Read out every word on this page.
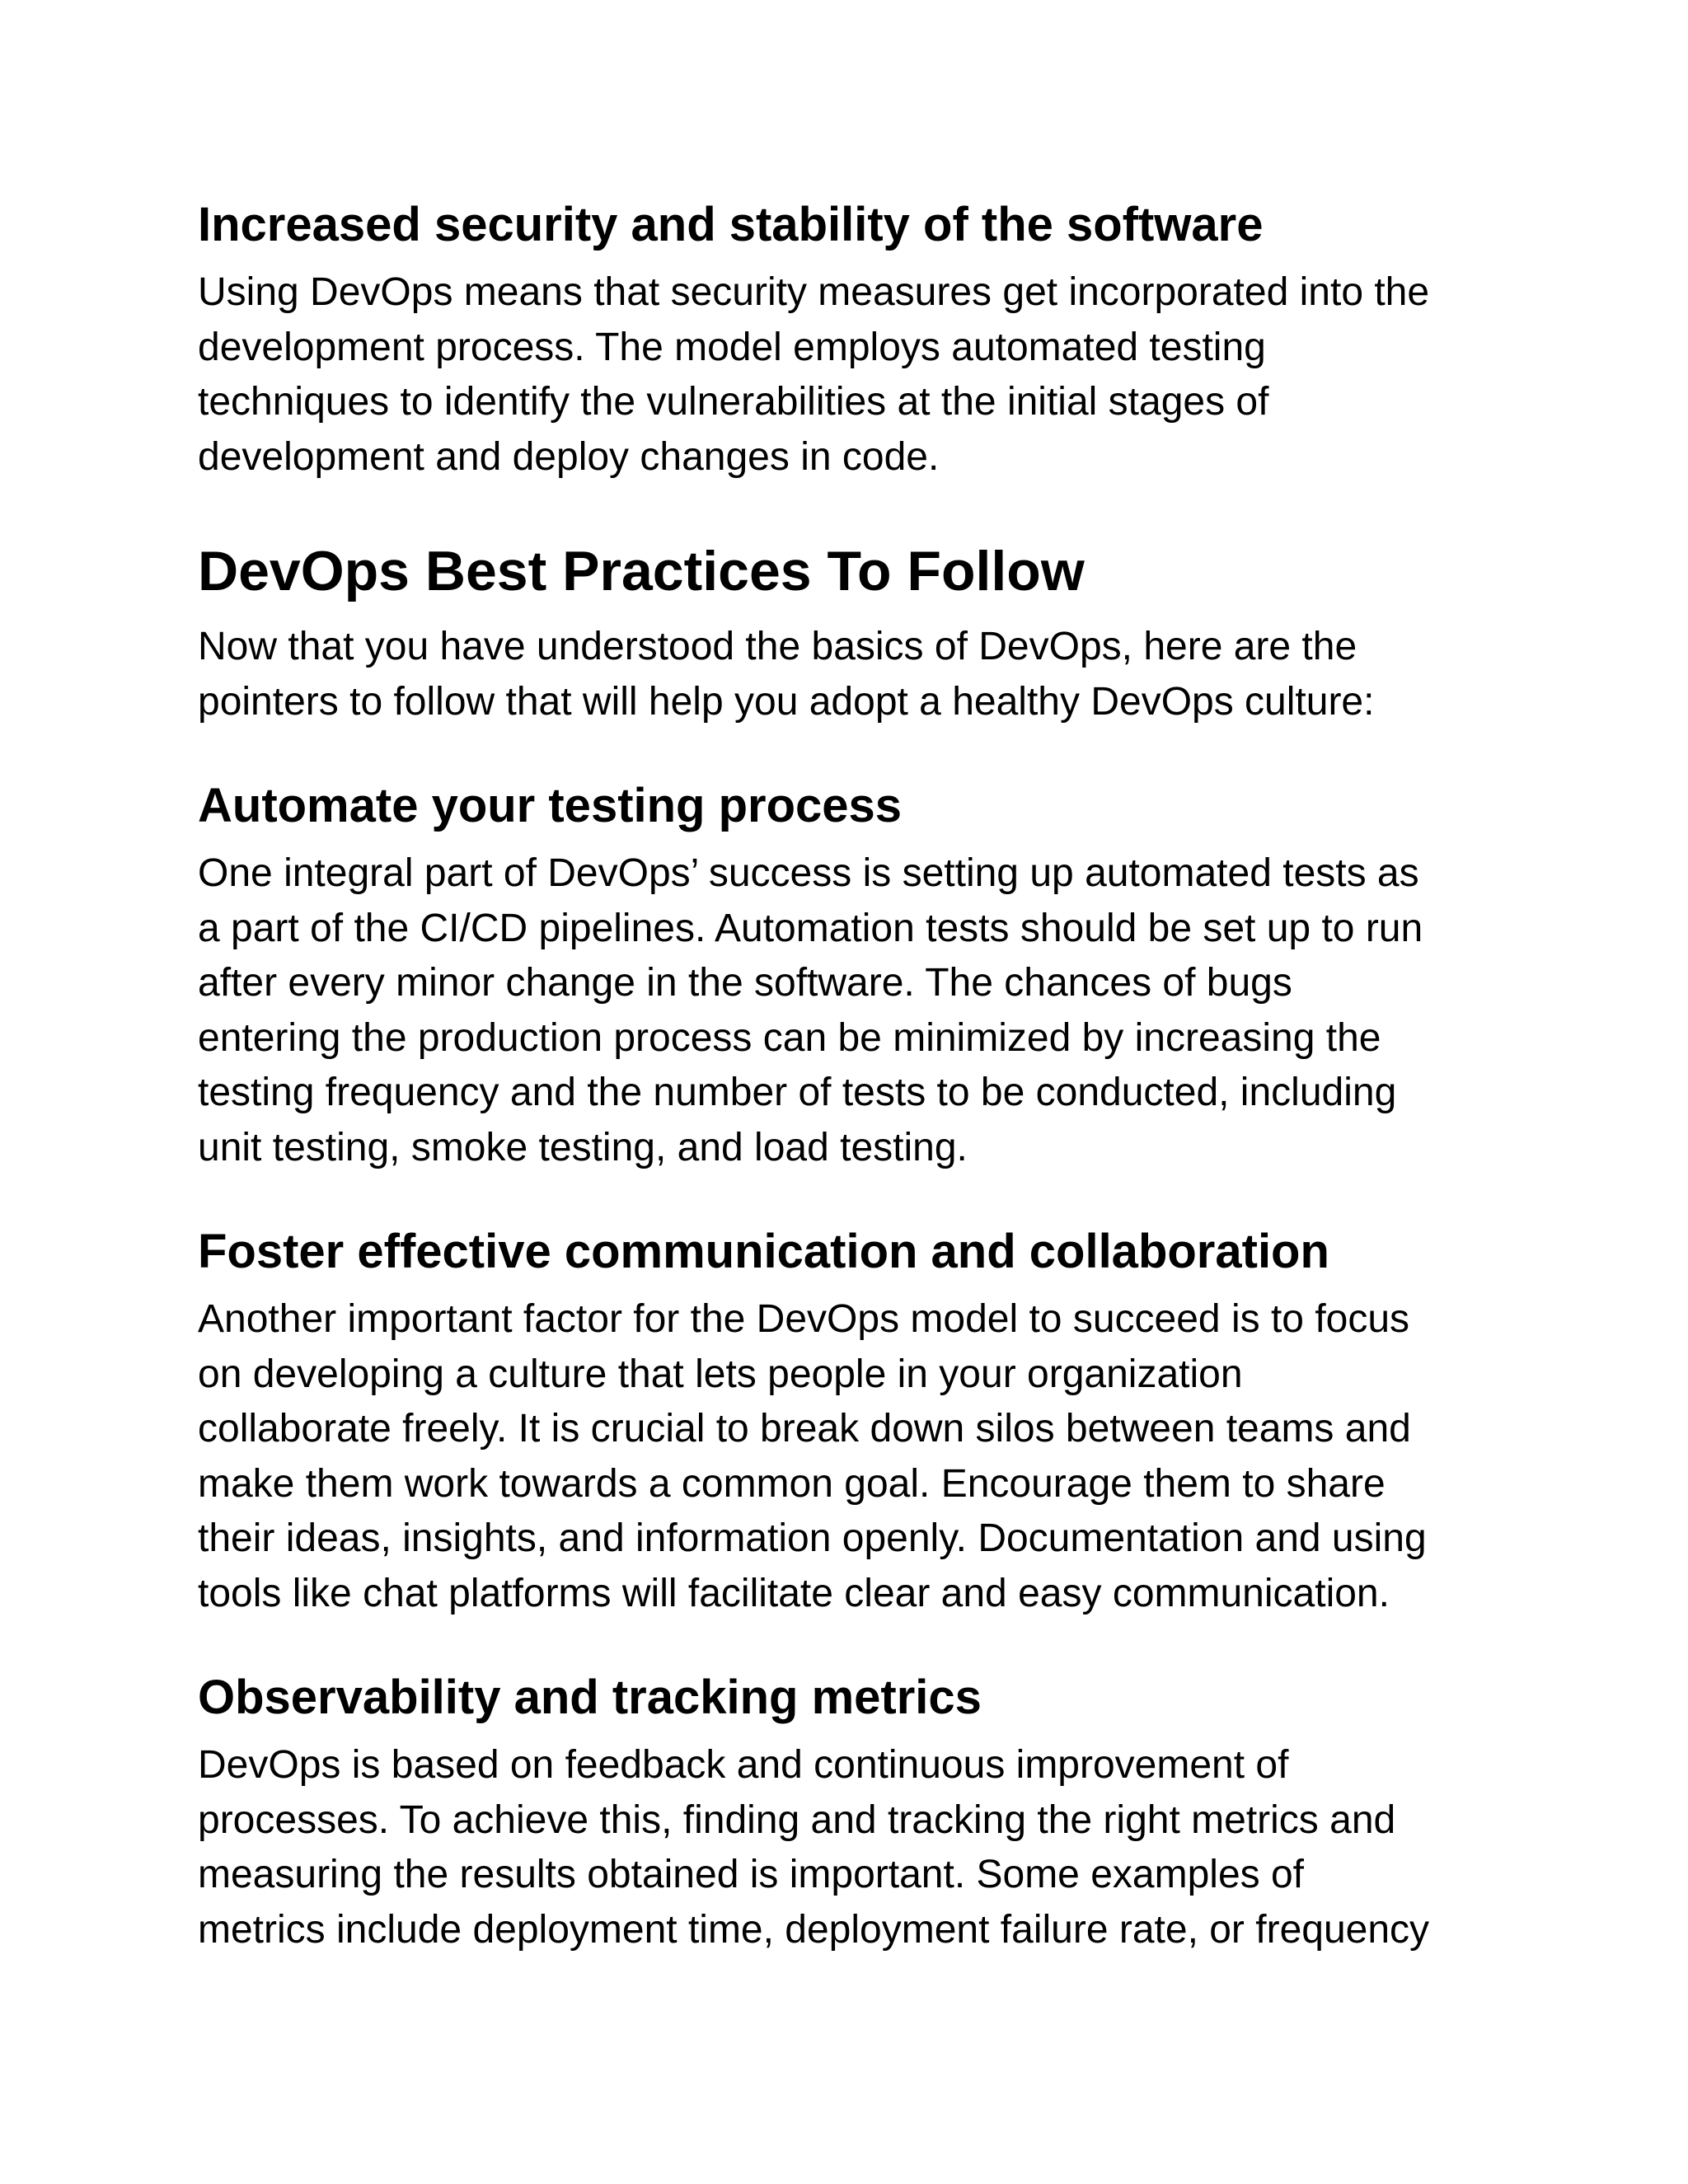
Increased security and stability of the software

Using DevOps means that security measures get incorporated into the
development process. The model employs automated testing
techniques to identify the vulnerabilities at the initial stages of
development and deploy changes in code.

DevOps Best Practices To Follow

Now that you have understood the basics of DevOps, here are the
pointers to follow that will help you adopt a healthy DevOps culture:

Automate your testing process

One integral part of DevOps’ success is setting up automated tests as
a part of the CI/CD pipelines. Automation tests should be set up to run
after every minor change in the software. The chances of bugs
entering the production process can be minimized by increasing the
testing frequency and the number of tests to be conducted, including
unit testing, smoke testing, and load testing.

Foster effective communication and collaboration

Another important factor for the DevOps model to succeed is to focus
on developing a culture that lets people in your organization
collaborate freely. It is crucial to break down silos between teams and
make them work towards a common goal. Encourage them to share
their ideas, insights, and information openly. Documentation and using
tools like chat platforms will facilitate clear and easy communication.

Observability and tracking metrics

DevOps is based on feedback and continuous improvement of
processes. To achieve this, finding and tracking the right metrics and
measuring the results obtained is important. Some examples of
metrics include deployment time, deployment failure rate, or frequency
